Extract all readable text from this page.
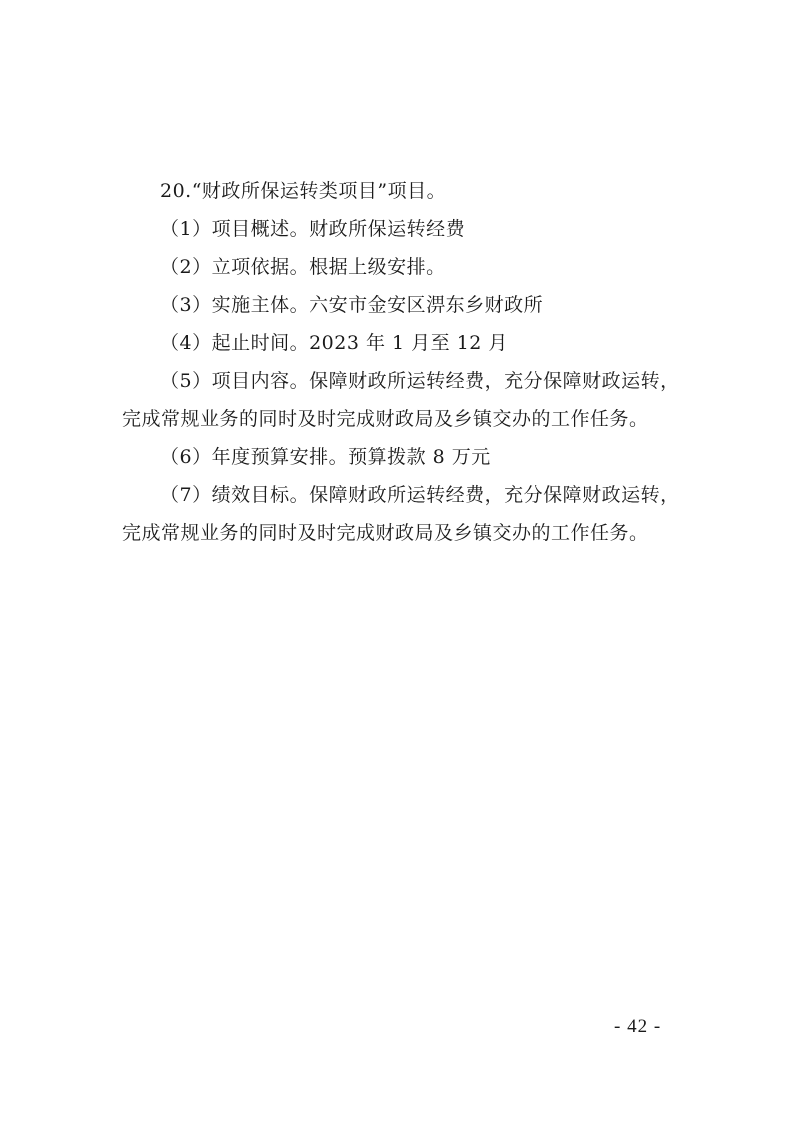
20.“财政所保运转类项目”项目。

（1）项目概述。财政所保运转经费

（2）立项依据。根据上级安排。

（3）实施主体。六安市金安区淠东乡财政所

（4）起止时间。2023 年 1 月至 12 月

（5）项目内容。保障财政所运转经费，充分保障财政运转，完成常规业务的同时及时完成财政局及乡镇交办的工作任务。

（6）年度预算安排。预算拨款 8 万元

（7）绩效目标。保障财政所运转经费，充分保障财政运转，完成常规业务的同时及时完成财政局及乡镇交办的工作任务。

- 42 -
